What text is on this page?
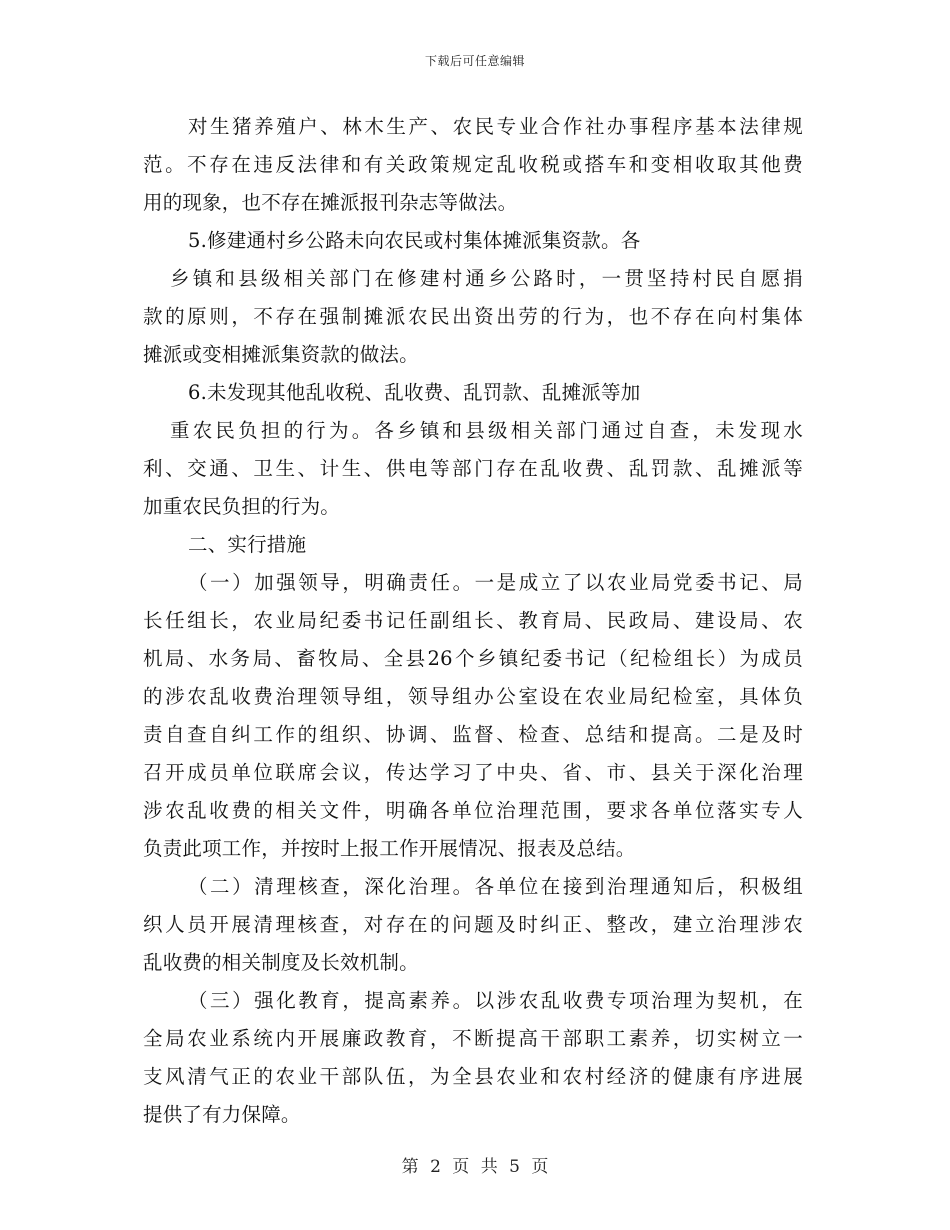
下载后可任意编辑
对生猪养殖户、林木生产、农民专业合作社办事程序基本法律规
范。不存在违反法律和有关政策规定乱收税或搭车和变相收取其他费
用的现象，也不存在摊派报刊杂志等做法。
5.修建通村乡公路未向农民或村集体摊派集资款。各
乡镇和县级相关部门在修建村通乡公路时，一贯坚持村民自愿捐
款的原则，不存在强制摊派农民出资出劳的行为，也不存在向村集体
摊派或变相摊派集资款的做法。
6.未发现其他乱收税、乱收费、乱罚款、乱摊派等加
重农民负担的行为。各乡镇和县级相关部门通过自查，未发现水
利、交通、卫生、计生、供电等部门存在乱收费、乱罚款、乱摊派等
加重农民负担的行为。
二、实行措施
（一）加强领导，明确责任。一是成立了以农业局党委书记、局
长任组长，农业局纪委书记任副组长、教育局、民政局、建设局、农
机局、水务局、畜牧局、全县26个乡镇纪委书记（纪检组长）为成员
的涉农乱收费治理领导组，领导组办公室设在农业局纪检室，具体负
责自查自纠工作的组织、协调、监督、检查、总结和提高。二是及时
召开成员单位联席会议，传达学习了中央、省、市、县关于深化治理
涉农乱收费的相关文件，明确各单位治理范围，要求各单位落实专人
负责此项工作，并按时上报工作开展情况、报表及总结。
（二）清理核查，深化治理。各单位在接到治理通知后，积极组
织人员开展清理核查，对存在的问题及时纠正、整改，建立治理涉农
乱收费的相关制度及长效机制。
（三）强化教育，提高素养。以涉农乱收费专项治理为契机，在
全局农业系统内开展廉政教育，不断提高干部职工素养，切实树立一
支风清气正的农业干部队伍，为全县农业和农村经济的健康有序进展
提供了有力保障。
第 2 页 共 5 页
